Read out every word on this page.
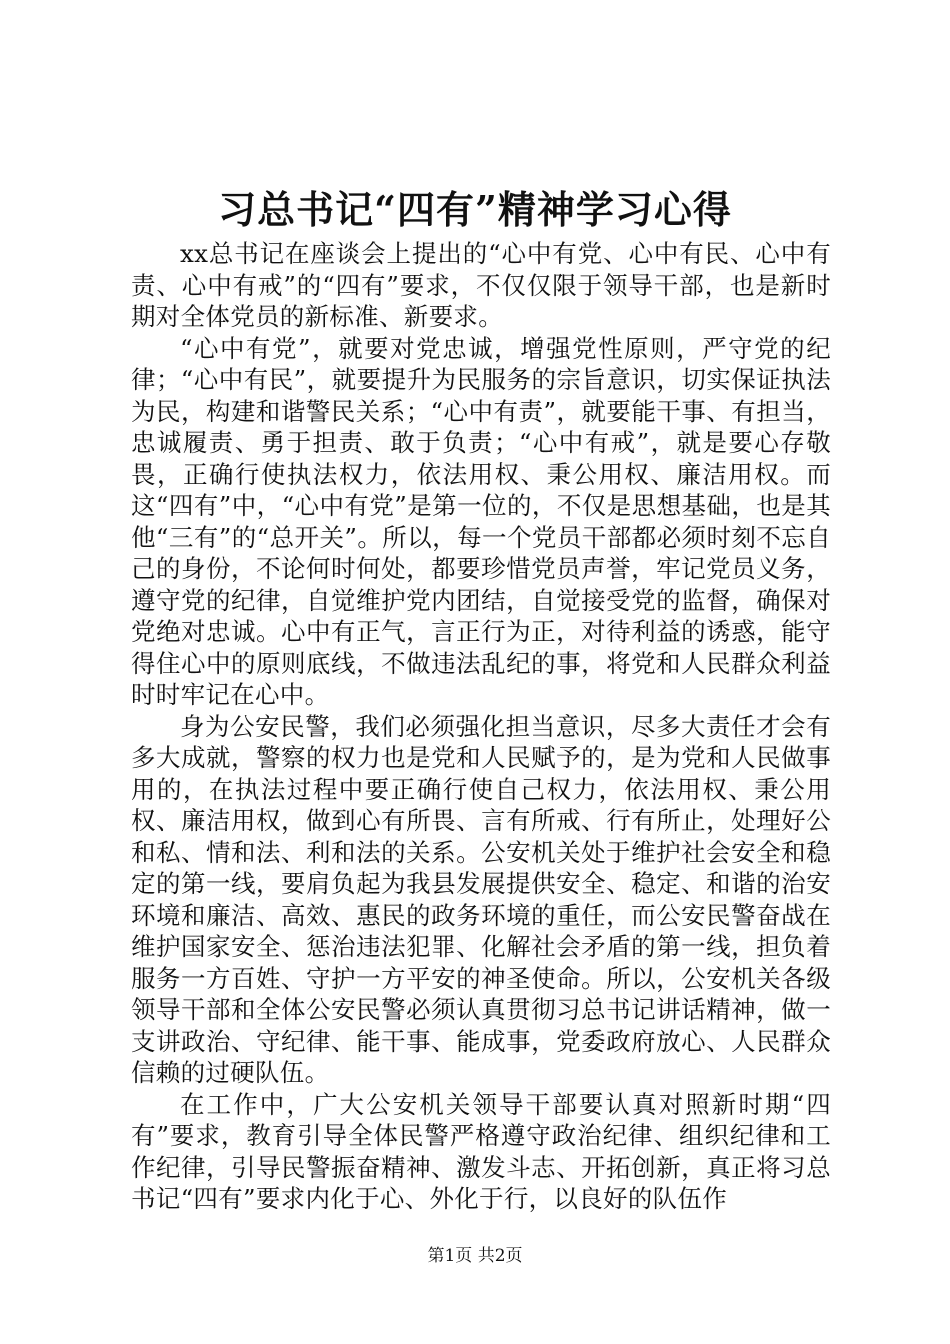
习总书记“四有”精神学习心得

xx总书记在座谈会上提出的“心中有党、心中有民、心中有责、心中有戒”的“四有”要求，不仅仅限于领导干部，也是新时期对全体党员的新标准、新要求。

“心中有党”，就要对党忠诚，增强党性原则，严守党的纪律；“心中有民”，就要提升为民服务的宗旨意识，切实保证执法为民，构建和谐警民关系；“心中有责”，就要能干事、有担当，忠诚履责、勇于担责、敢于负责；“心中有戒”，就是要心存敬畏，正确行使执法权力，依法用权、秉公用权、廉洁用权。而这“四有”中，“心中有党”是第一位的，不仅是思想基础，也是其他“三有”的“总开关”。所以，每一个党员干部都必须时刻不忘自己的身份，不论何时何处，都要珍惜党员声誉，牢记党员义务，遵守党的纪律，自觉维护党内团结，自觉接受党的监督，确保对党绝对忠诚。心中有正气，言正行为正，对待利益的诱惑，能守得住心中的原则底线，不做违法乱纪的事，将党和人民群众利益时时牢记在心中。

身为公安民警，我们必须强化担当意识，尽多大责任才会有多大成就，警察的权力也是党和人民赋予的，是为党和人民做事用的，在执法过程中要正确行使自己权力，依法用权、秉公用权、廉洁用权，做到心有所畏、言有所戒、行有所止，处理好公和私、情和法、利和法的关系。公安机关处于维护社会安全和稳定的第一线，要肩负起为我县发展提供安全、稳定、和谐的治安环境和廉洁、高效、惠民的政务环境的重任，而公安民警奋战在维护国家安全、惩治违法犯罪、化解社会矛盾的第一线，担负着服务一方百姓、守护一方平安的神圣使命。所以，公安机关各级领导干部和全体公安民警必须认真贯彻习总书记讲话精神，做一支讲政治、守纪律、能干事、能成事，党委政府放心、人民群众信赖的过硬队伍。

在工作中，广大公安机关领导干部要认真对照新时期“四有”要求，教育引导全体民警严格遵守政治纪律、组织纪律和工作纪律，引导民警振奋精神、激发斗志、开拓创新，真正将习总书记“四有”要求内化于心、外化于行，以良好的队伍作

第1页 共2页
